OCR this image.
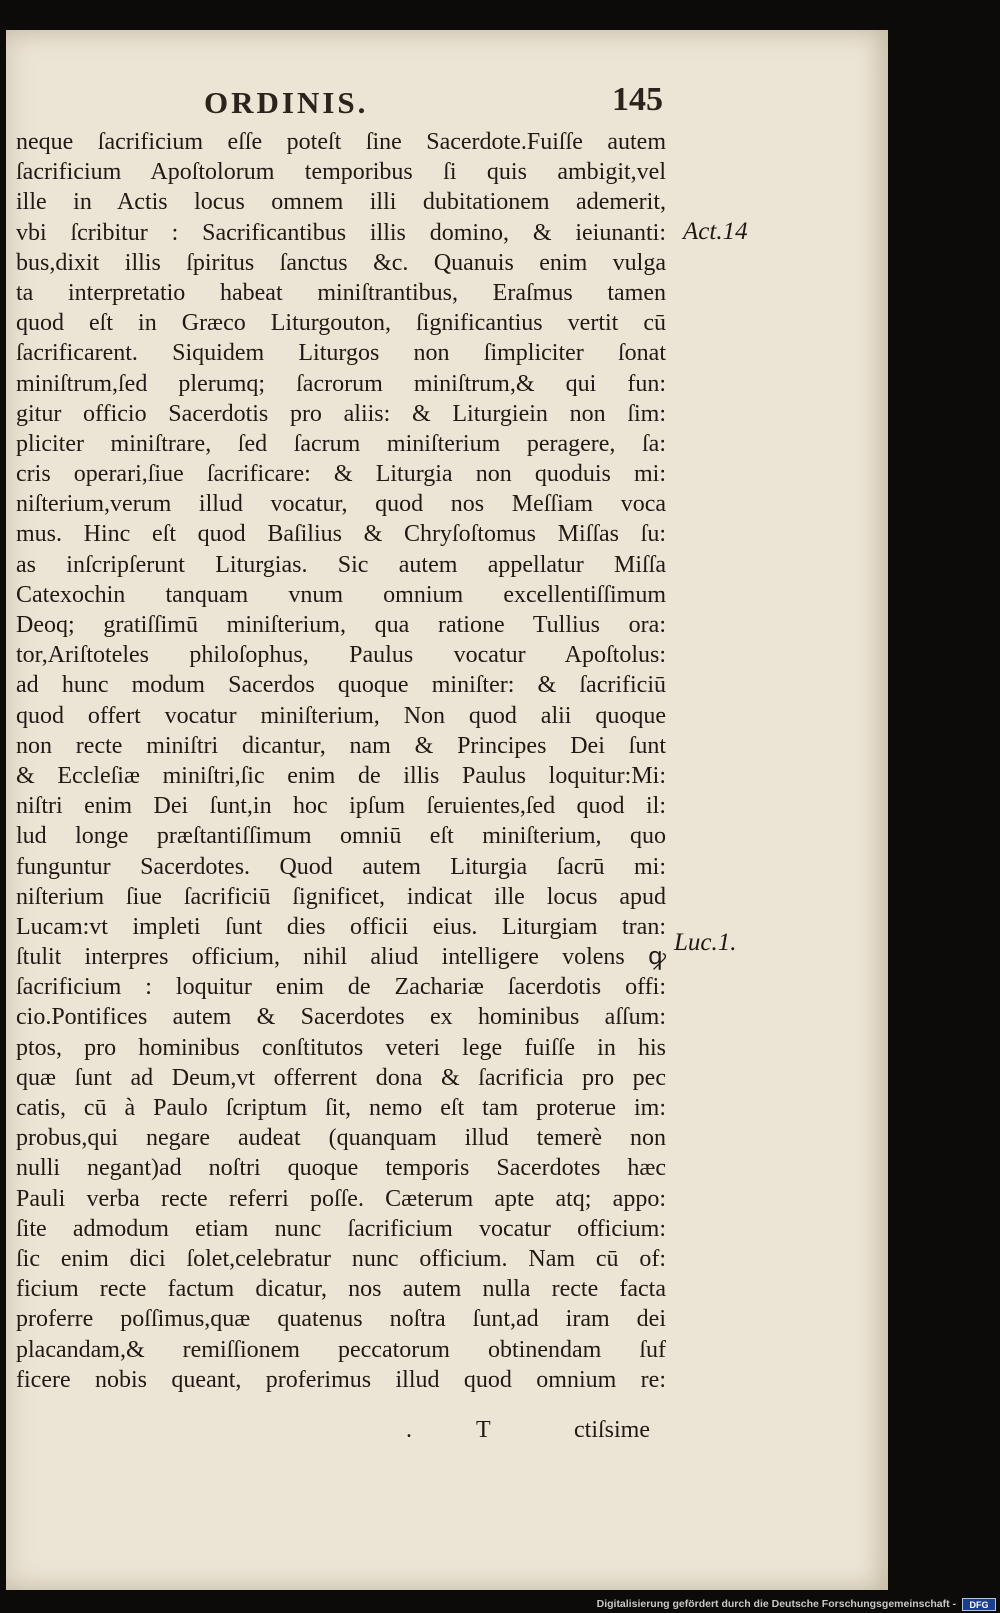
ORDINIS.	145
neque ſacrificium eſſe poteſt ſine Sacerdote.Fuiſſe autem
ſacrificium Apoſtolorum temporibus ſi quis ambigit,vel
ille in Actis locus omnem illi dubitationem ademerit,
vbi ſcribitur : Sacrificantibus illis domino, & ieiunanti:
bus,dixit illis ſpiritus ſanctus &c. Quanuis enim vulga
ta interpretatio habeat miniſtrantibus, Eraſmus tamen
quod eſt in Græco Liturgouton, ſignificantius vertit cū
ſacrificarent. Siquidem Liturgos non ſimpliciter ſonat
miniſtrum,ſed plerumq; ſacrorum miniſtrum,& qui fun:
gitur officio Sacerdotis pro aliis: & Liturgiein non ſim:
pliciter miniſtrare, ſed ſacrum miniſterium peragere, ſa:
cris operari,ſiue ſacrificare: & Liturgia non quoduis mi:
niſterium,verum illud vocatur, quod nos Meſſiam voca
mus. Hinc eſt quod Baſilius & Chryſoſtomus Miſſas ſu:
as inſcripſerunt Liturgias. Sic autem appellatur Miſſa
Catexochin tanquam vnum omnium excellentiſſimum
Deoq; gratiſſimū miniſterium, qua ratione Tullius ora:
tor,Ariſtoteles philoſophus, Paulus vocatur Apoſtolus:
ad hunc modum Sacerdos quoque miniſter: & ſacrificiū
quod offert vocatur miniſterium, Non quod alii quoque
non recte miniſtri dicantur, nam & Principes Dei ſunt
& Eccleſiæ miniſtri,ſic enim de illis Paulus loquitur:Mi:
niſtri enim Dei ſunt,in hoc ipſum ſeruientes,ſed quod il:
lud longe præſtantiſſimum omniū eſt miniſterium, quo
funguntur Sacerdotes. Quod autem Liturgia ſacrū mi:
niſterium ſiue ſacrificiū ſignificet, indicat ille locus apud
Lucam:vt impleti ſunt dies officii eius. Liturgiam tran:
ſtulit interpres officium, nihil aliud intelligere volens ꝙ
ſacrificium : loquitur enim de Zachariæ ſacerdotis offi:
cio.Pontifices autem & Sacerdotes ex hominibus aſſum:
ptos, pro hominibus conſtitutos veteri lege fuiſſe in his
quæ ſunt ad Deum,vt offerrent dona & ſacrificia pro pec
catis, cū à Paulo ſcriptum ſit, nemo eſt tam proterue im:
probus,qui negare audeat (quanquam illud temerè non
nulli negant)ad noſtri quoque temporis Sacerdotes hæc
Pauli verba recte referri poſſe. Cæterum apte atq; appo:
ſite admodum etiam nunc ſacrificium vocatur officium:
ſic enim dici ſolet,celebratur nunc officium. Nam cū of:
ficium recte factum dicatur, nos autem nulla recte facta
proferre poſſimus,quæ quatenus noſtra ſunt,ad iram dei
placandam,& remiſſionem peccatorum obtinendam ſuf
ficere nobis queant, proferimus illud quod omnium re:
.	T	ctiſsime
Act.14
Luc.1.
Digitalisierung gefördert durch die Deutsche Forschungsgemeinschaft -	DFG
